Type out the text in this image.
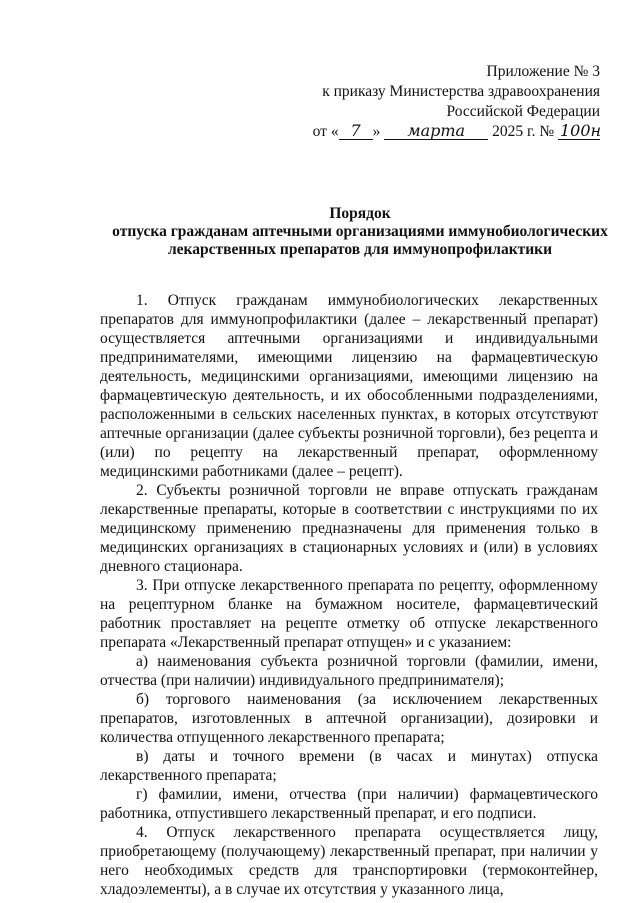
Приложение № 3
к приказу Министерства здравоохранения
Российской Федерации
от « 7 » марта 2025 г. № 100н
Порядок
отпуска гражданам аптечными организациями иммунобиологических
лекарственных препаратов для иммунопрофилактики

1. Отпуск гражданам иммунобиологических лекарственных препаратов для иммунопрофилактики (далее – лекарственный препарат) осуществляется аптечными организациями и индивидуальными предпринимателями, имеющими лицензию на фармацевтическую деятельность, медицинскими организациями, имеющими лицензию на фармацевтическую деятельность, и их обособленными подразделениями, расположенными в сельских населенных пунктах, в которых отсутствуют аптечные организации (далее субъекты розничной торговли), без рецепта и (или) по рецепту на лекарственный препарат, оформленному медицинскими работниками (далее – рецепт).

2. Субъекты розничной торговли не вправе отпускать гражданам лекарственные препараты, которые в соответствии с инструкциями по их медицинскому применению предназначены для применения только в медицинских организациях в стационарных условиях и (или) в условиях дневного стационара.

3. При отпуске лекарственного препарата по рецепту, оформленному на рецептурном бланке на бумажном носителе, фармацевтический работник проставляет на рецепте отметку об отпуске лекарственного препарата «Лекарственный препарат отпущен» и с указанием:

а) наименования субъекта розничной торговли (фамилии, имени, отчества (при наличии) индивидуального предпринимателя);

б) торгового наименования (за исключением лекарственных препаратов, изготовленных в аптечной организации), дозировки и количества отпущенного лекарственного препарата;

в) даты и точного времени (в часах и минутах) отпуска лекарственного препарата;

г) фамилии, имени, отчества (при наличии) фармацевтического работника, отпустившего лекарственный препарат, и его подписи.

4. Отпуск лекарственного препарата осуществляется лицу, приобретающему (получающему) лекарственный препарат, при наличии у него необходимых средств для транспортировки (термоконтейнер, хладоэлементы), а в случае их отсутствия у указанного лица,
